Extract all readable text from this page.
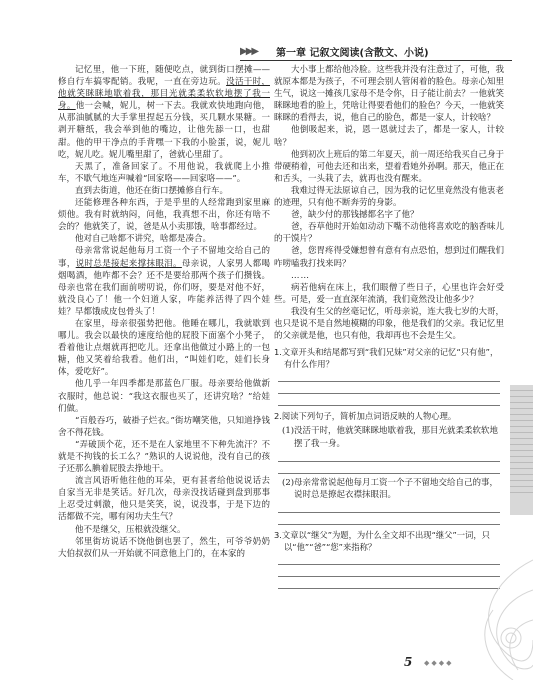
▶▶▶ 第一章 记叙文阅读(含散文、小说)

记忆里，他一下班，随便吃点，就到街口摆摊——修自行车搞零配销。我呢，一直在旁边玩。没活干时，他就笑眯眯地歇着我，那目光就柔柔软软地摆了我一身。他一会喊，妮儿，树一下去。我就欢快地跑向他，从那油腻腻的大手掌里捏起五分钱，买几颗水果糖。一剥开糖纸，我会举到他的嘴边，让他先舔一口，也甜甜。他的甲干净点的手背嘿一下我的小脸蛋，说，妮儿吃，妮儿吃。妮儿嘴里甜了，爸就心里甜了。

天黑了，准备回家了。不用他说，我就爬上小推车，不歇气地连声喊着“回家咯——回家咯——”。

直到去街道，他还在街口摆摊修自行车。

还能修理各种东西，于是乎里的人经常跑到家里麻烦他。我有时就纳闷，问他，我真想不出，你还有啥不会的？他就笑了，说，爸是从小卖那饿，啥事都经过。

他对自己啥都不讲究，啥都是凑合。

母亲常常说起他每月工资一个子不留地交给自己的事，说时总是接起来撑抹眼泪。母亲说，人家男人都喝烟喝酒，他咋都不会？还不是要给那两个孩子们攒钱。母亲也常在我们面前唠叨说，你们呀，要是对他不好，就没良心了！他一个妇道人家，咋能养活得了四个娃娃？早都饿成皮包骨头了！

在家里，母亲很强势把他。他睡在哪儿，我就歇到哪儿。我会以最快的速度给他的屁股下面塞个小凳子，看着他让点烟就再把吃儿。还拿出他做过小路上的一包糖，他又笑着给我看。他们出，“叫娃们吃，娃们长身体，爱吃好”。

他几乎一年四季都是那蓝色厂服。母亲要给他做新衣服时，他总说：“我这衣服也买了，还讲究啥？”给娃们做。

“百般吞巧，破褂子烂衣。”街坊嘲笑他，只知道挣钱舍不得花钱。

“弄破顶个花，还不是在人家地里不下种先流汗？不就是不拘钱的长工么？”熟识的人说说他，没有自己的孩子还那么腆着屁股去挣地干。

流言风语听他往他的耳朵，更有甚者给他说说话去自家当无非是笑话。好几次，母亲没找话碰到盘到那事上忍受过刺激，他只是笑笑，说，说没事，于是下边的活都做不完，哪有闲功夫生气？

他不是继父，压根就没继父。

邻里街坊说话不饶他倒也罢了，然生，可爷爷奶奶大伯叔叔们从一开始就不同意他上门的，在本家的

大小事上都给他冷脸。这些我并没有注意过了，可他，我就原本都是为孩子，不可理会别人管闲着的脸色。母亲心知里生气，说这一摊孩几家母不是令你，日子能让前去？一他就笑眯眯地看的脸上，凭啥让得要看他们的脸色？今天，一他就笑眯眯的看得去，说，他自己的脸色，都是一家人，计较啥？

他倒吸起来，说，恩一恩就过去了，都是一家人，计较啥？

他到初次上班后的第二年夏天，前一周还给我买自己身于带硬稍着，可他去还和出来，望着看她外孙啊。那天，他正在和舌头，一头栽了去，就再也没有醒来。

我难过得无法原谅自己，因为我的记忆里竟然没有他衷老的迹理，只有他不断奔劳的身影。

爸，缺少付的那钱撼都名字了他？

爸，吞草他时开始如动动下嘴不动他将喜欢吃的脑香味儿的干馍片？

爸，您胃疼得受嫌想曾有意有有点恐怕，想到过们醒我们咋唠嗑我打找来吗？

……

病若他病在床上，我们眼僧了些日子，心里也许会好受些。可是，爱一直直深年流淌，我们竟然没让他多少？

我没有生父的丝毫记忆，听母亲说，连大我七岁的大哥，也只是说不是自然地模糊的印象，他是我们的父亲。我记忆里的父亲就是他，也只有他，我却再也不会是生父。

1.文章开头和结尾都写到“我们兄妹”对父亲的记忆“只有他”，有什么作用？
2.阅读下列句子，简析加点词语反映的人物心理。
(1)没活干时，他就笑眯眯地歇着我，那目光就柔柔软软地摆了我一身。
(2)母亲常常说起他每月工资一个子不留地交给自己的事，说时总是撩起衣襟抹眼泪。
3.文章以“继父”为题，为什么全文却不出现“继父”一词，只以“他”“爸”“您”来指称？
5 ◆◆◆◆
